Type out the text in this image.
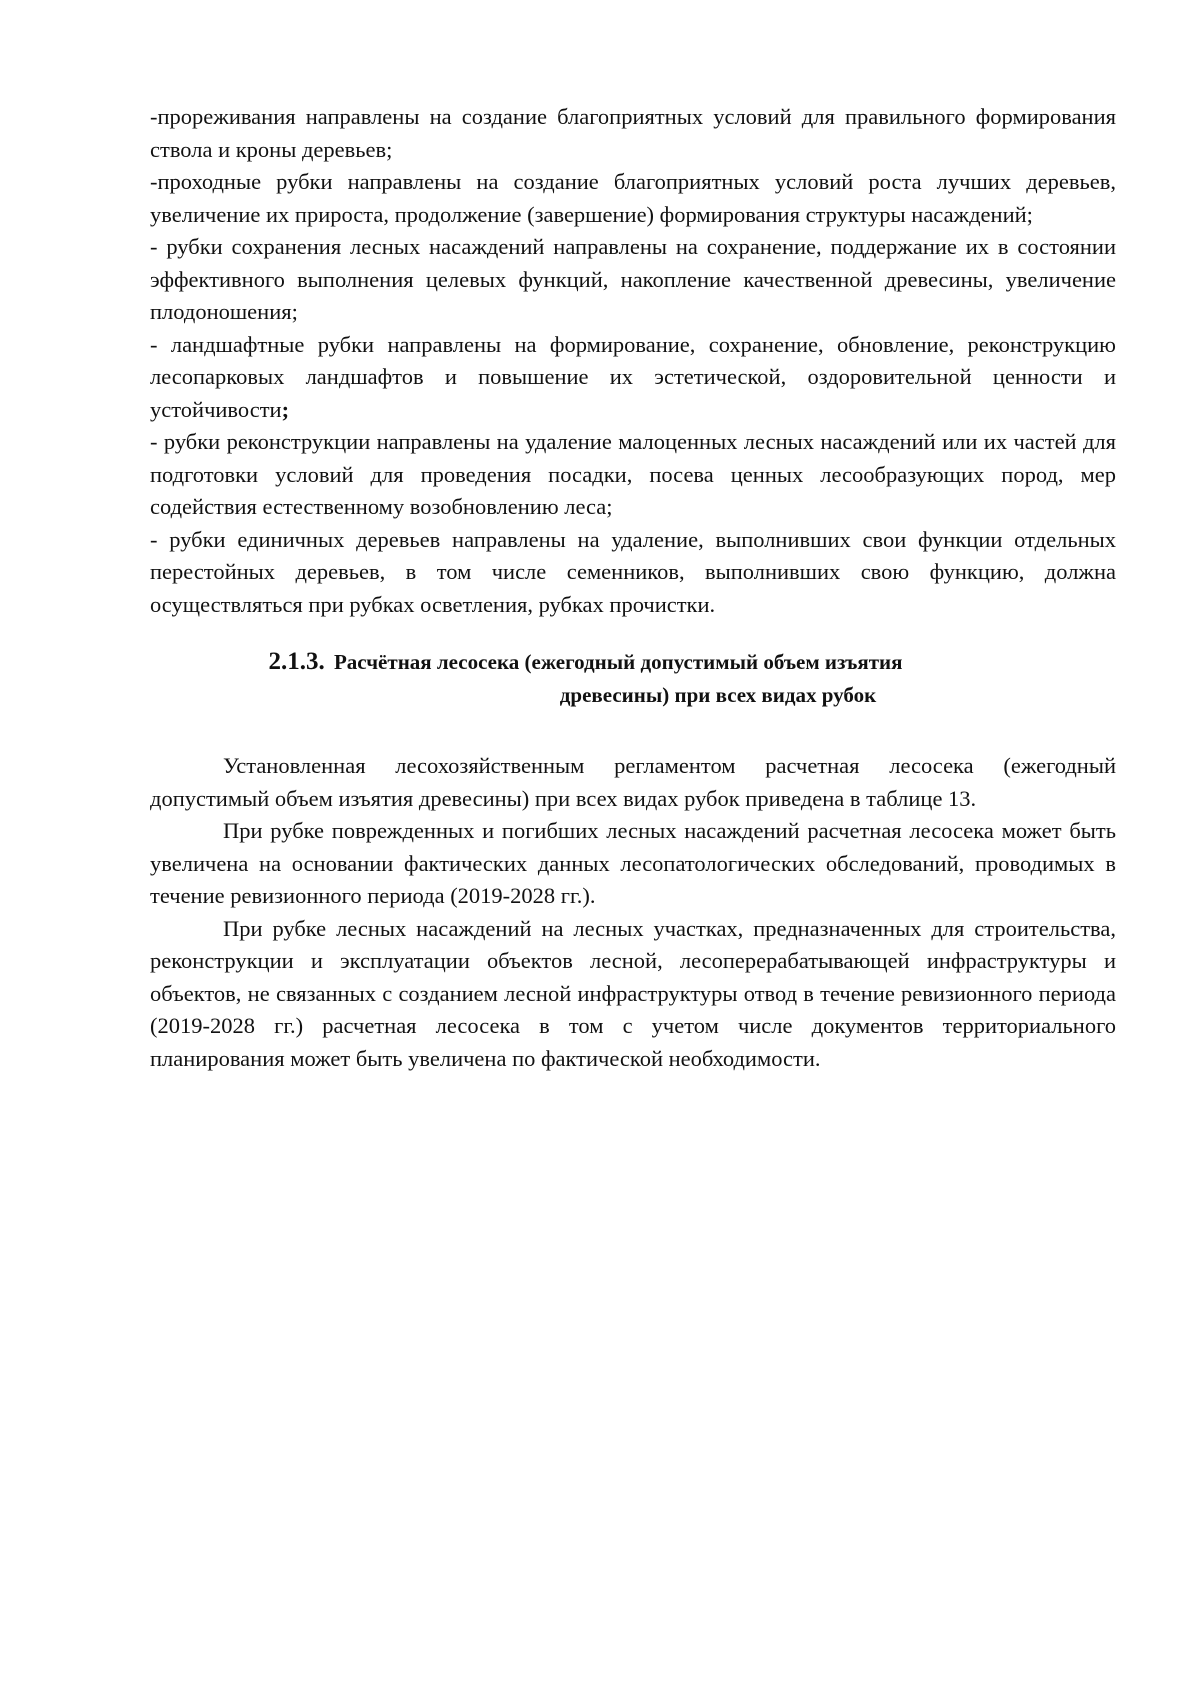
-прореживания направлены на создание благоприятных условий для правильного формирования ствола и кроны деревьев;

-проходные рубки направлены на создание благоприятных условий роста лучших деревьев, увеличение их прироста, продолжение (завершение) формирования структуры насаждений;

- рубки сохранения лесных насаждений направлены на сохранение, поддержание их в состоянии эффективного выполнения целевых функций, накопление качественной древесины, увеличение плодоношения;

- ландшафтные рубки направлены на формирование, сохранение, обновление, реконструкцию лесопарковых ландшафтов и повышение их эстетической, оздоровительной ценности и устойчивости;

- рубки реконструкции направлены на удаление малоценных лесных насаждений или их частей для подготовки условий для проведения посадки, посева ценных лесообразующих пород, мер содействия естественному возобновлению леса;

- рубки единичных деревьев направлены на удаление, выполнивших свои функции отдельных перестойных деревьев, в том числе семенников, выполнивших свою функцию, должна осуществляться при рубках осветления, рубках прочистки.

2.1.3. Расчётная лесосека (ежегодный допустимый объем изъятия
древесины) при всех видах рубок

Установленная лесохозяйственным регламентом расчетная лесосека (ежегодный допустимый объем изъятия древесины) при всех видах рубок приведена в таблице 13.

При рубке поврежденных и погибших лесных насаждений расчетная лесосека может быть увеличена на основании фактических данных лесопатологических обследований, проводимых в течение ревизионного периода (2019-2028 гг.).

При рубке лесных насаждений на лесных участках, предназначенных для строительства, реконструкции и эксплуатации объектов лесной, лесоперерабатывающей инфраструктуры и объектов, не связанных с созданием лесной инфраструктуры отвод в течение ревизионного периода (2019-2028 гг.) расчетная лесосека в том с учетом числе документов территориального планирования может быть увеличена по фактической необходимости.
